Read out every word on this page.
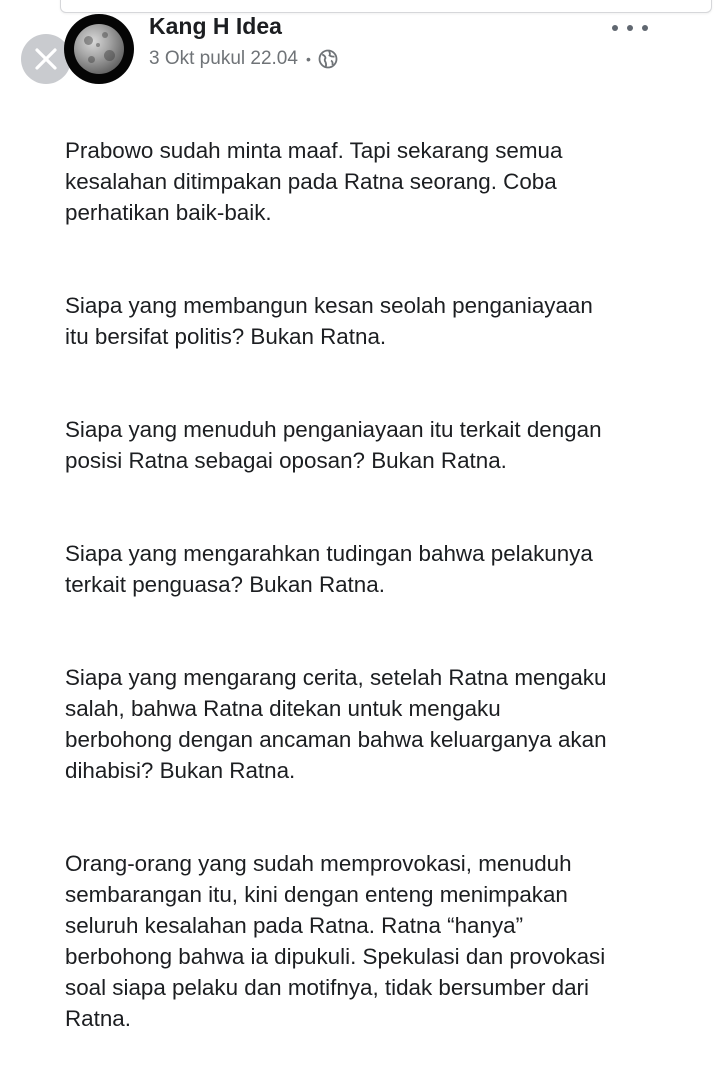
Kang H Idea
3 Okt pukul 22.04 •

Prabowo sudah minta maaf. Tapi sekarang semua
kesalahan ditimpakan pada Ratna seorang. Coba
perhatikan baik-baik.

Siapa yang membangun kesan seolah penganiayaan
itu bersifat politis? Bukan Ratna.

Siapa yang menuduh penganiayaan itu terkait dengan
posisi Ratna sebagai oposan? Bukan Ratna.

Siapa yang mengarahkan tudingan bahwa pelakunya
terkait penguasa? Bukan Ratna.

Siapa yang mengarang cerita, setelah Ratna mengaku
salah, bahwa Ratna ditekan untuk mengaku
berbohong dengan ancaman bahwa keluarganya akan
dihabisi? Bukan Ratna.

Orang-orang yang sudah memprovokasi, menuduh
sembarangan itu, kini dengan enteng menimpakan
seluruh kesalahan pada Ratna. Ratna “hanya”
berbohong bahwa ia dipukuli. Spekulasi dan provokasi
soal siapa pelaku dan motifnya, tidak bersumber dari
Ratna.
